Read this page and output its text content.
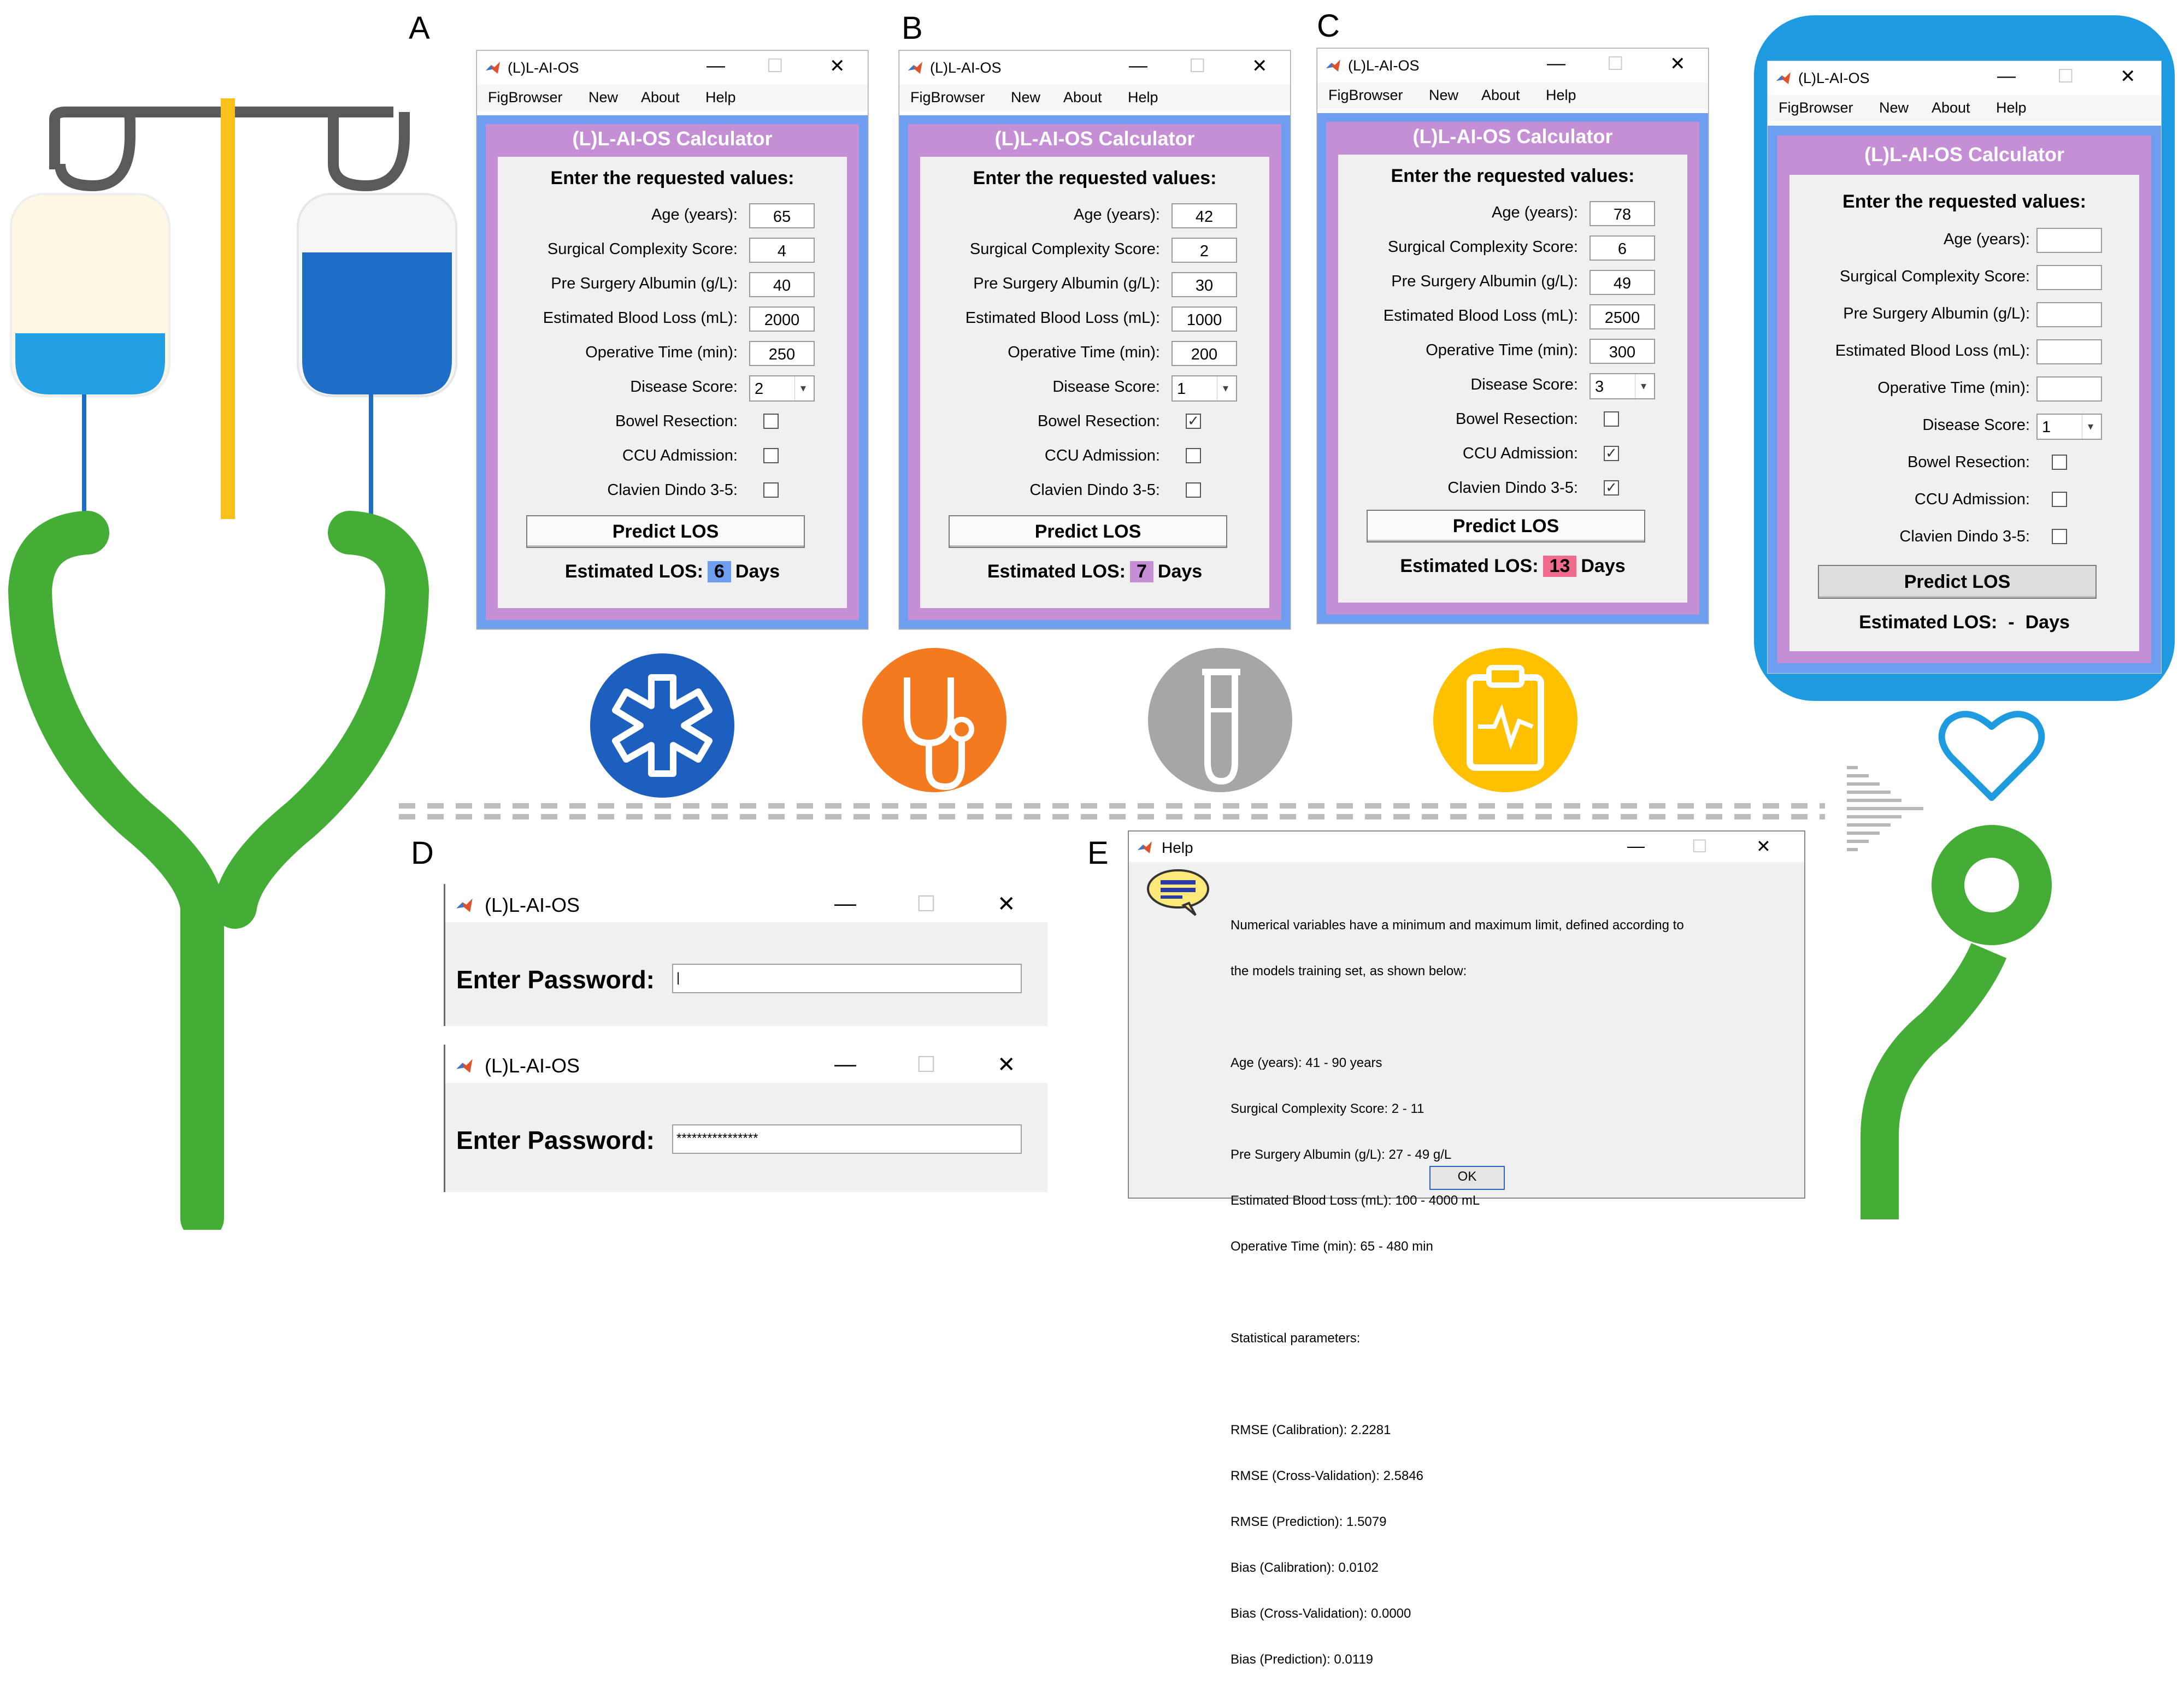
A	B	C
D	E
(L)L-AI-OS	— ☐ ✕
FigBrowser New About Help
(L)L-AI-OS Calculator
Enter the requested values:
Age (years):	65
Surgical Complexity Score:	4
Pre Surgery Albumin (g/L):	40
Estimated Blood Loss (mL):	2000
Operative Time (min):	250
Disease Score: 2	▾
Bowel Resection:
CCU Admission:
Clavien Dindo 3-5:
Predict LOS
Estimated LOS: 6 Days
(L)L-AI-OS	— ☐ ✕
FigBrowser New About Help
(L)L-AI-OS Calculator
Enter the requested values:
Age (years):	42
Surgical Complexity Score:	2
Pre Surgery Albumin (g/L):	30
Estimated Blood Loss (mL):	1000
Operative Time (min):	200
Disease Score: 1	▾
Bowel Resection: ✓
CCU Admission:
Clavien Dindo 3-5:
Predict LOS
Estimated LOS: 7 Days
(L)L-AI-OS	— ☐ ✕
FigBrowser New About Help
(L)L-AI-OS Calculator
Enter the requested values:
Age (years):	78
Surgical Complexity Score:	6
Pre Surgery Albumin (g/L):	49
Estimated Blood Loss (mL):	2500
Operative Time (min):	300
Disease Score: 3	▾
Bowel Resection:
CCU Admission: ✓
Clavien Dindo 3-5: ✓
Predict LOS
Estimated LOS: 13 Days
(L)L-AI-OS	— ☐ ✕
FigBrowser New About Help
(L)L-AI-OS Calculator
Enter the requested values:
Age (years):
Surgical Complexity Score:
Pre Surgery Albumin (g/L):
Estimated Blood Loss (mL):
Operative Time (min):
Disease Score: 1	▾
Bowel Resection:
CCU Admission:
Clavien Dindo 3-5:
Predict LOS
Estimated LOS: - Days
(L)L-AI-OS	—	☐	✕
Enter Password:	|
(L)L-AI-OS	—	☐	✕
Enter Password:	****************
Help	—	☐	✕

Numerical variables have a minimum and maximum limit, defined according to

the models training set, as shown below:

Age (years): 41 - 90 years

Surgical Complexity Score: 2 - 11

Pre Surgery Albumin (g/L): 27 - 49 g/L

Estimated Blood Loss (mL): 100 - 4000 mL

Operative Time (min): 65 - 480 min

Statistical parameters:

RMSE (Calibration): 2.2281

RMSE (Cross-Validation): 2.5846

RMSE (Prediction): 1.5079

Bias (Calibration): 0.0102

Bias (Cross-Validation): 0.0000

Bias (Prediction): 0.0119

OK
